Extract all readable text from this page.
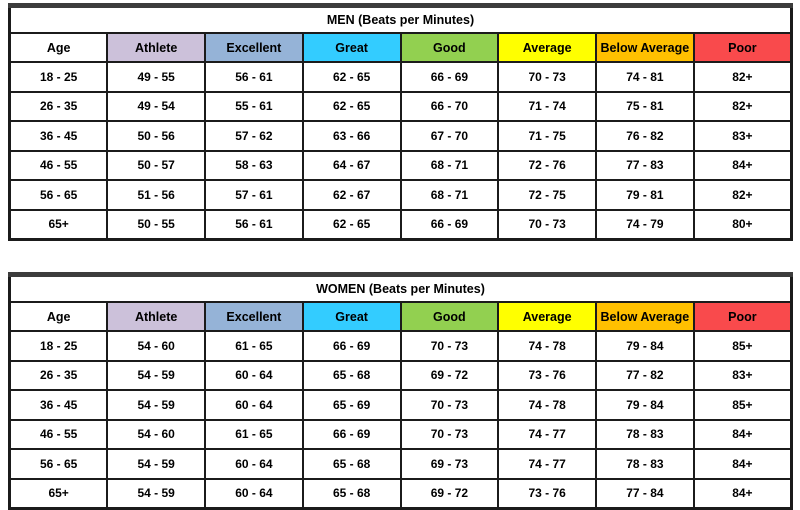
MEN (Beats per Minutes)							
Age	Athlete	Excellent	Great	Good	Average	Below Average	Poor
18 - 25	49 - 55	56 - 61	62 - 65	66 - 69	70 - 73	74 - 81	82+
26 - 35	49 - 54	55 - 61	62 - 65	66 - 70	71 - 74	75 - 81	82+
36 - 45	50 - 56	57 - 62	63 - 66	67 - 70	71 - 75	76 - 82	83+
46 - 55	50 - 57	58 - 63	64 - 67	68 - 71	72 - 76	77 - 83	84+
56 - 65	51 - 56	57 - 61	62 - 67	68 - 71	72 - 75	79 - 81	82+
65+	50 - 55	56 - 61	62 - 65	66 - 69	70 - 73	74 - 79	80+
WOMEN (Beats per Minutes)							
Age	Athlete	Excellent	Great	Good	Average	Below Average	Poor
18 - 25	54 - 60	61 - 65	66 - 69	70 - 73	74 - 78	79 - 84	85+
26 - 35	54 - 59	60 - 64	65 - 68	69 - 72	73 - 76	77 - 82	83+
36 - 45	54 - 59	60 - 64	65 - 69	70 - 73	74 - 78	79 - 84	85+
46 - 55	54 - 60	61 - 65	66 - 69	70 - 73	74 - 77	78 - 83	84+
56 - 65	54 - 59	60 - 64	65 - 68	69 - 73	74 - 77	78 - 83	84+
65+	54 - 59	60 - 64	65 - 68	69 - 72	73 - 76	77 - 84	84+
